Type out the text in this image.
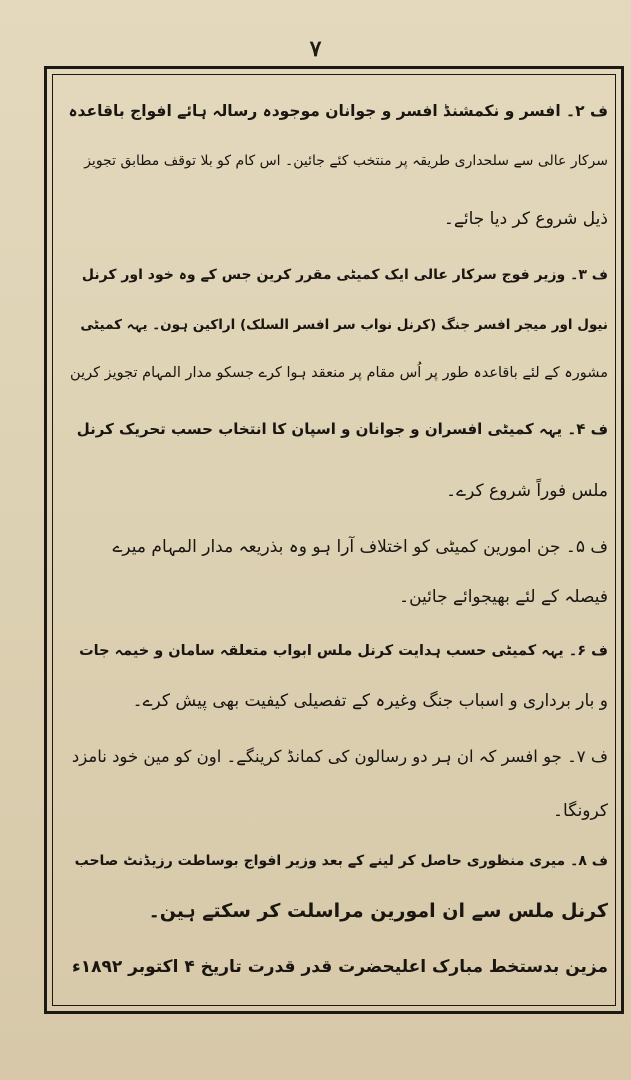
۷
ف ۲۔ افسر و نکمشنڈ افسر و جوانان موجودہ رسالہ ہائے افواج باقاعدہ
سرکار عالی سے سلحداری طریقہ پر منتخب کئے جائین۔ اس کام کو بلا توقف مطابق تجویز
ذیل شروع کر دیا جائے۔
ف ۳۔ وزیر فوج سرکار عالی ایک کمیٹی مقرر کرین جس کے وہ خود اور کرنل
نیول اور میجر افسر جنگ (کرنل نواب سر افسر السلک) اراکین ہون۔ یہہ کمیٹی
مشورہ کے لئے باقاعدہ طور پر اُس مقام پر منعقد ہوا کرے جسکو مدار المہام تجویز کرین
ف ۴۔ یہہ کمیٹی افسران و جوانان و اسپان کا انتخاب حسب تحریک کرنل
ملس فوراً شروع کرے۔
ف ۵۔ جن امورین کمیٹی کو اختلاف آرا ہو وہ بذریعہ مدار المہام میرے
فیصلہ کے لئے بھیجوائے جائین۔
ف ۶۔ یہہ کمیٹی حسب ہدایت کرنل ملس ابواب متعلقہ سامان و خیمہ جات
و بار برداری و اسباب جنگ وغیرہ کے تفصیلی کیفیت بھی پیش کرے۔
ف ۷۔ جو افسر کہ ان ہر دو رسالون کی کمانڈ کرینگے۔ اون کو مین خود نامزد
کرونگا۔
ف ۸۔ میری منظوری حاصل کر لینے کے بعد وزیر افواج بوساطت رزیڈنٹ صاحب
کرنل ملس سے ان امورین مراسلت کر سکتے ہین۔
مزین بدستخط مبارک اعلیحضرت قدر قدرت تاریخ ۴ اکتوبر ۱۸۹۲ء
